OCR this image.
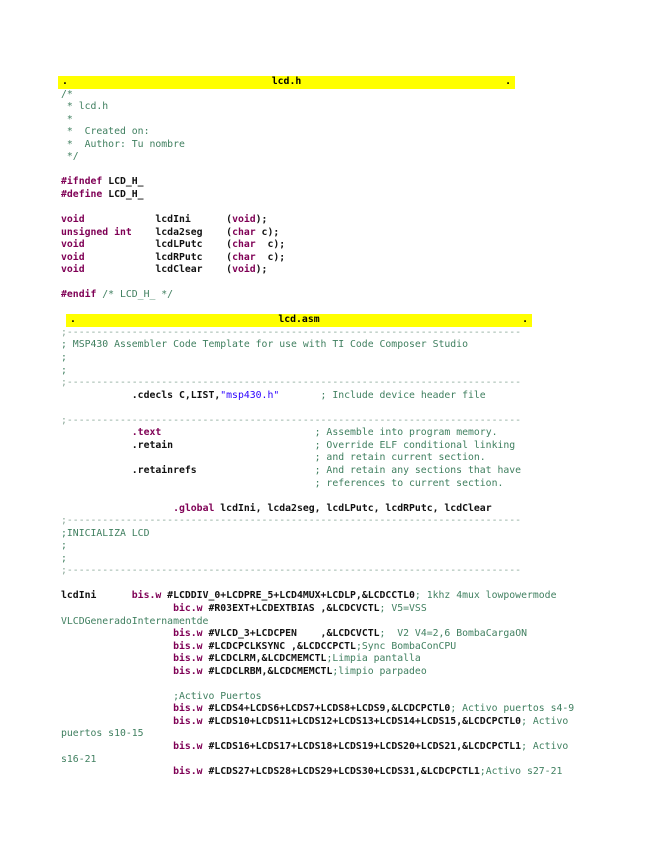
.	lcd.h	.
/*
* lcd.h
*
*  Created on:
*  Author: Tu nombre
*/
#ifndef LCD_H_
#define LCD_H_
void            lcdIni      (void);
unsigned int    lcda2seg    (char c);
void            lcdLPutc    (char  c);
void            lcdRPutc    (char  c);
void            lcdClear    (void);
#endif /* LCD_H_ */
.	lcd.asm	.
;-----------------------------------------------------------------------------
; MSP430 Assembler Code Template for use with TI Code Composer Studio
;
;
;-----------------------------------------------------------------------------
.cdecls C,LIST,"msp430.h"	; Include device header file
;-----------------------------------------------------------------------------
.text	; Assemble into program memory.
.retain                        ; Override ELF conditional linking
; and retain current section.
.retainrefs                    ; And retain any sections that have
; references to current section.
.global lcdIni, lcda2seg, lcdLPutc, lcdRPutc, lcdClear
;-----------------------------------------------------------------------------
;INICIALIZA LCD
;
;
;-----------------------------------------------------------------------------
lcdIni      bis.w #LCDDIV_0+LCDPRE_5+LCD4MUX+LCDLP,&LCDCCTL0; 1khz 4mux lowpowermode
bic.w #R03EXT+LCDEXTBIAS ,&LCDCVCTL; V5=VSS
VLCDGeneradoInternamentde
bis.w #VLCD_3+LCDCPEN    ,&LCDCVCTL;  V2 V4=2,6 BombaCargaON
bis.w #LCDCPCLKSYNC ,&LCDCCPCTL;Sync BombaConCPU
bis.w #LCDCLRM,&LCDCMEMCTL;Limpia pantalla
bis.w #LCDCLRBM,&LCDCMEMCTL;limpio parpadeo
;Activo Puertos
bis.w #LCDS4+LCDS6+LCDS7+LCDS8+LCDS9,&LCDCPCTL0; Activo puertos s4-9
bis.w #LCDS10+LCDS11+LCDS12+LCDS13+LCDS14+LCDS15,&LCDCPCTL0; Activo
puertos s10-15
bis.w #LCDS16+LCDS17+LCDS18+LCDS19+LCDS20+LCDS21,&LCDCPCTL1; Activo
s16-21
bis.w #LCDS27+LCDS28+LCDS29+LCDS30+LCDS31,&LCDCPCTL1;Activo s27-21
